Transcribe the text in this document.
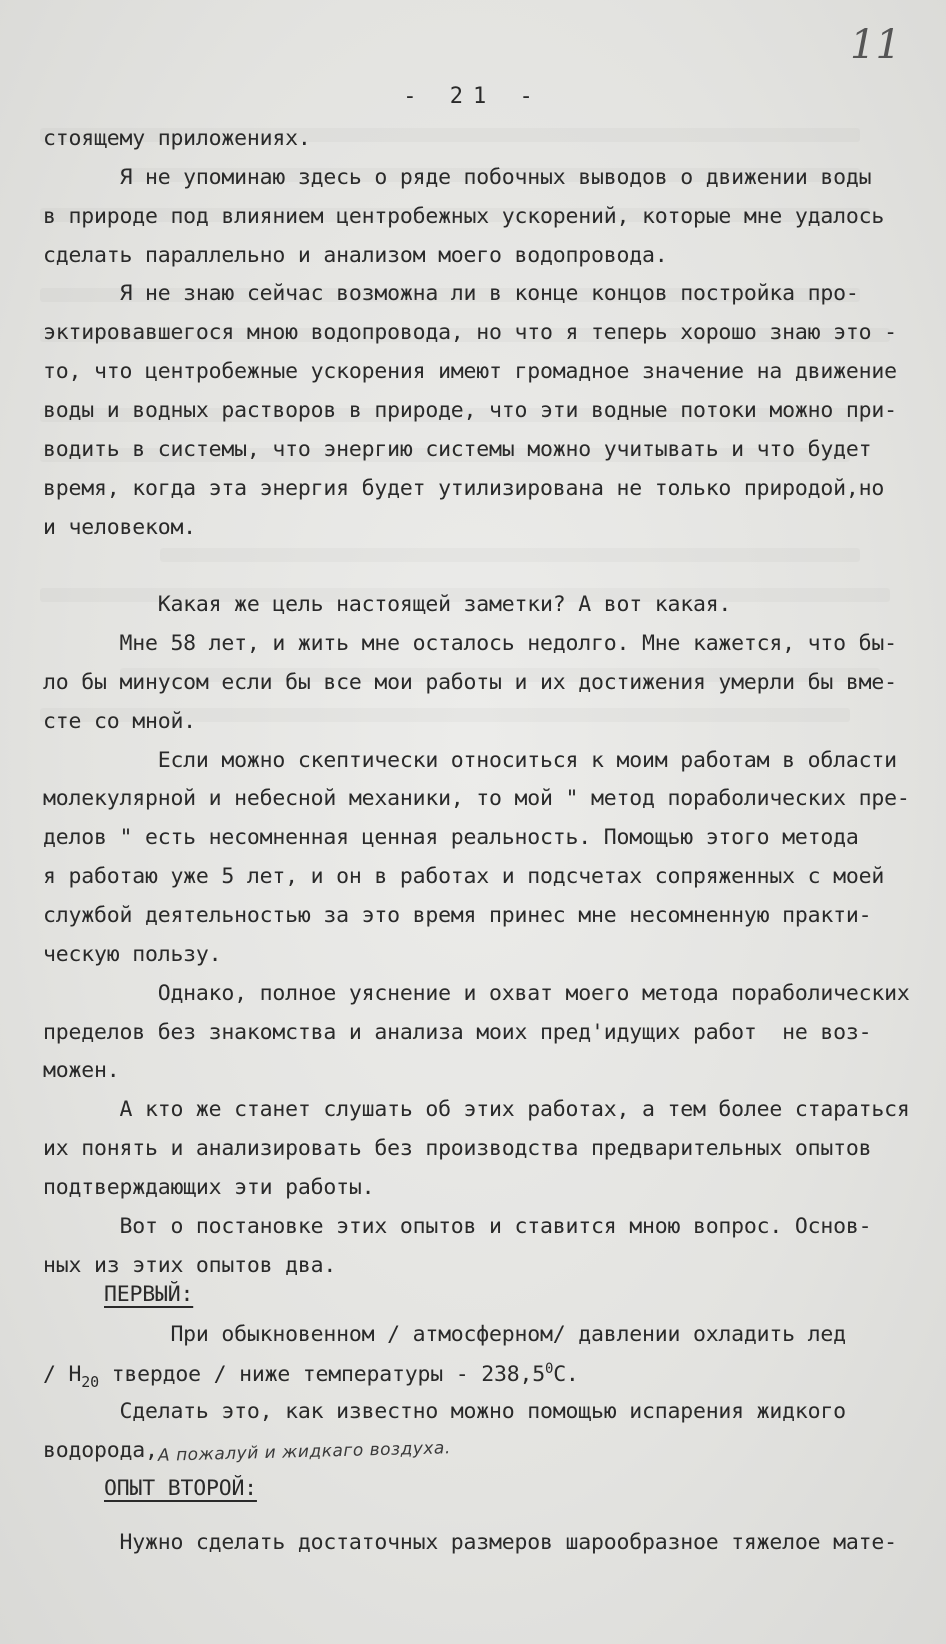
11
- 21 -
стоящему приложениях.
Я не упоминаю здесь о ряде побочных выводов о движении воды
в природе под влиянием центробежных ускорений, которые мне удалось
сделать параллельно и анализом моего водопровода.
Я не знаю сейчас возможна ли в конце концов постройка про-
эктировавшегося мною водопровода, но что я теперь хорошо знаю это -
то, что центробежные ускорения имеют громадное значение на движение
воды и водных растворов в природе, что эти водные потоки можно при-
водить в системы, что энергию системы можно учитывать и что будет
время, когда эта энергия будет утилизирована не только природой,но
и человеком.
Какая же цель настоящей заметки? А вот какая.
Мне 58 лет, и жить мне осталось недолго. Мне кажется, что бы-
ло бы минусом если бы все мои работы и их достижения умерли бы вме-
сте со мной.
Если можно скептически относиться к моим работам в области
молекулярной и небесной механики, то мой " метод пораболических пре-
делов " есть несомненная ценная реальность. Помощью этого метода
я работаю уже 5 лет, и он в работах и подсчетах сопряженных с моей
службой деятельностью за это время принес мне несомненную практи-
ческую пользу.
Однако, полное уяснение и охват моего метода пораболических
пределов без знакомства и анализа моих пред'идущих работ  не воз-
можен.
А кто же станет слушать об этих работах, а тем более стараться
их понять и анализировать без производства предварительных опытов
подтверждающих эти работы.
Вот о постановке этих опытов и ставится мною вопрос. Основ-
ных из этих опытов два.
ПЕРВЫЙ:
При обыкновенном / атмосферном/ давлении охладить лед
/ $H_{20}$ твердое / ниже температуры - 238,5$^0$С.
Сделать это, как известно можно помощью испарения жидкого
водорода,А пожалуй и жидкаго воздуха.
ОПЫТ ВТОРОЙ:
Нужно сделать достаточных размеров шарообразное тяжелое мате-
